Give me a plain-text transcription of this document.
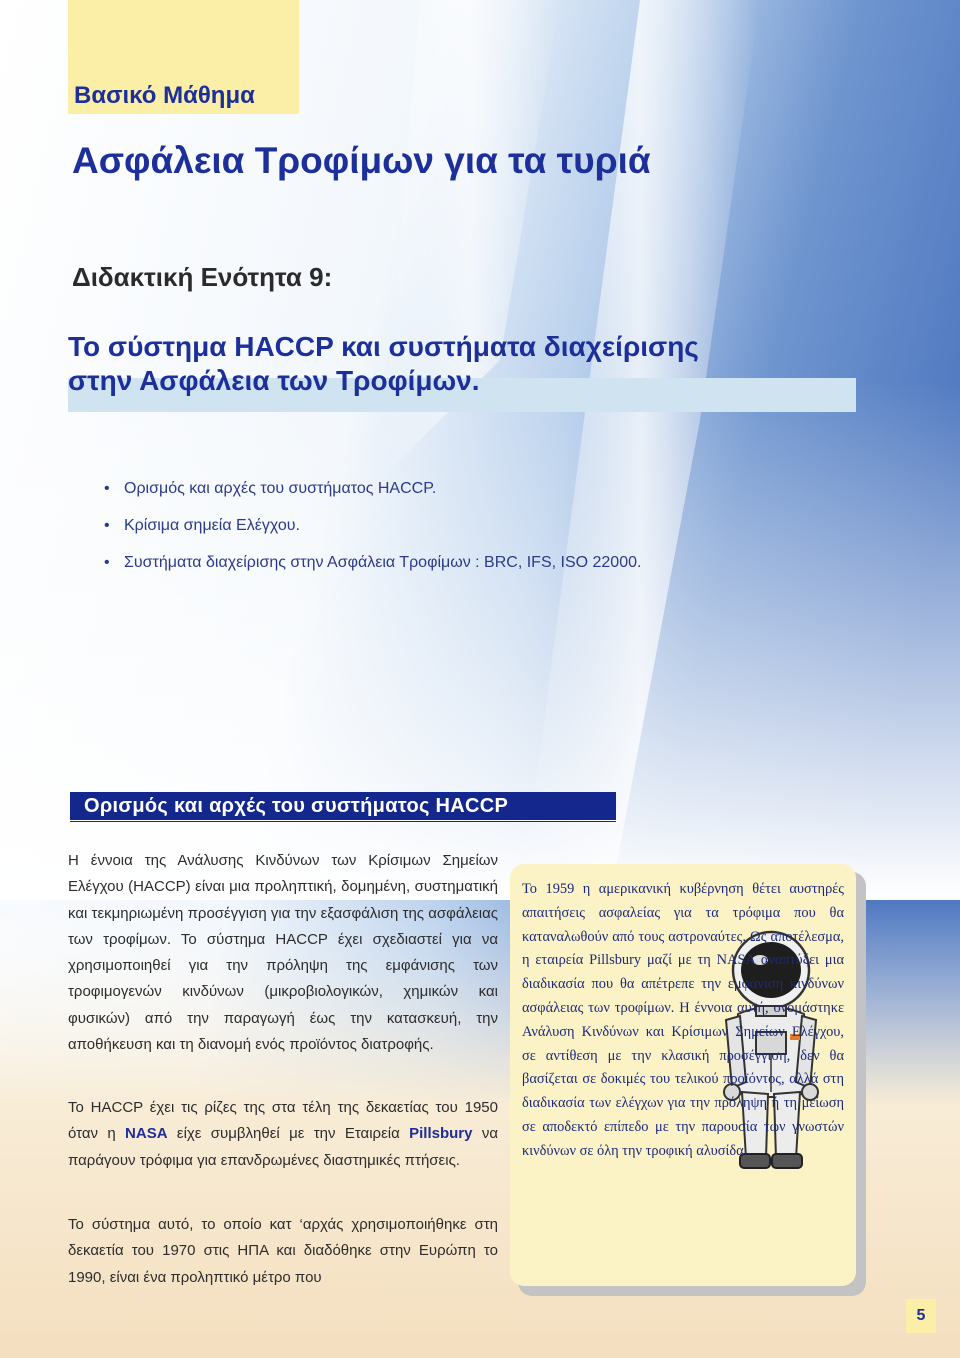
Βασικό Μάθημα
Ασφάλεια Τροφίμων για τα τυριά
Διδακτική Ενότητα 9:
Το σύστημα HACCP και συστήματα διαχείρισης
στην Ασφάλεια των Τροφίμων.
• Ορισμός και αρχές του συστήματος HACCP.
• Κρίσιμα σημεία Ελέγχου.
• Συστήματα διαχείρισης στην Ασφάλεια Τροφίμων : BRC, IFS, ISO 22000.
Ορισμός και αρχές του συστήματος HACCP

Η έννοια της Ανάλυσης Κινδύνων των Κρίσιμων Σημείων Ελέγχου (HACCP) είναι μια προληπτική, δομημένη, συστηματική και τεκμηριωμένη προσέγγιση για την εξασφάλιση της ασφάλειας των τροφίμων. Το σύστημα HACCP έχει σχεδιαστεί για να χρησιμοποιηθεί για την πρόληψη της εμφάνισης των τροφιμογενών κινδύνων (μικροβιολογικών, χημικών και φυσικών) από την παραγωγή έως την κατασκευή, την αποθήκευση και τη διανομή ενός προϊόντος διατροφής.

Το HACCP έχει τις ρίζες της στα τέλη της δεκαετίας του 1950 όταν η NASA είχε συμβληθεί με την Εταιρεία Pillsbury να παράγουν τρόφιμα για επανδρωμένες διαστημικές πτήσεις.

Το σύστημα αυτό, το οποίο κατ ‘αρχάς χρησιμοποιήθηκε στη δεκαετία του 1970 στις ΗΠΑ και διαδόθηκε στην Ευρώπη το 1990, είναι ένα προληπτικό μέτρο που

Το 1959 η αμερικανική κυβέρνηση θέτει αυστηρές απαιτήσεις ασφαλείας για τα τρόφιμα που θα καταναλωθούν από τους αστροναύτες. Ως αποτέλεσμα, η εταιρεία Pillsbury μαζί με τη NASA αναπτύξει μια διαδικασία που θα απέτρεπε την εμφάνιση κινδύνων ασφάλειας των τροφίμων. Η έννοια αυτή, ονομάστηκε Ανάλυση Κινδύνων και Κρίσιμων Σημείων Ελέγχου, σε αντίθεση με την κλασική προσέγγιση, δεν θα βασίζεται σε δοκιμές του τελικού προϊόντος, αλλά στη διαδικασία των ελέγχων για την πρόληψη ή τη μείωση σε αποδεκτό επίπεδο με την παρουσία των γνωστών κινδύνων σε όλη την τροφική αλυσίδα..

5
